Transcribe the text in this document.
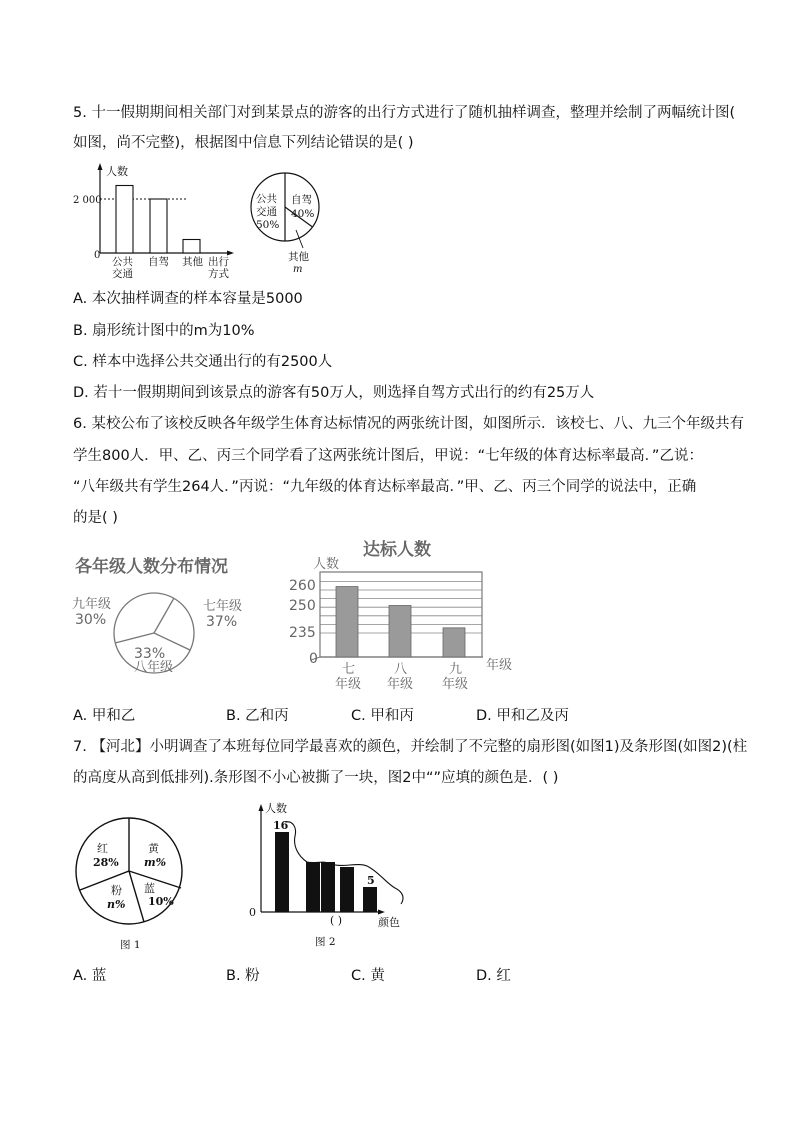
5. 十一假期期间相关部门对到某景点的游客的出行方式进行了随机抽样调查，整理并绘制了两幅统计图(
如图，尚不完整)，根据图中信息下列结论错误的是( )
人数
2 000
0
公共
交通
自驾 其他 出行
方式
公共
交通
50%
自驾
40%
其他
m
A. 本次抽样调查的样本容量是5000
B. 扇形统计图中的m为10%
C. 样本中选择公共交通出行的有2500人
D. 若十一假期期间到该景点的游客有50万人，则选择自驾方式出行的约有25万人
6. 某校公布了该校反映各年级学生体育达标情况的两张统计图，如图所示．该校七、八、九三个年级共有
学生800人．甲、乙、丙三个同学看了这两张统计图后，甲说：“七年级的体育达标率最高．”乙说：
“八年级共有学生264人．”丙说：“九年级的体育达标率最高．”甲、乙、丙三个同学的说法中，正确
的是( )
各年级人数分布情况
九年级
30%
七年级
37%
33%
八年级
达标人数
人数
260
250
235
0
七
年级
八
年级
九
年级
年级
A. 甲和乙	B. 乙和丙	C. 甲和丙	D. 甲和乙及丙
7. 【河北】小明调查了本班每位同学最喜欢的颜色，并绘制了不完整的扇形图(如图1)及条形图(如图2)(柱
的高度从高到低排列).条形图不小心被撕了一块，图2中“”应填的颜色是．( )
红
28%
黄
m%
粉
n%
蓝
10%
图 1
人数
16
5
0
( )	颜色
图 2
A. 蓝	B. 粉	C. 黄	D. 红
